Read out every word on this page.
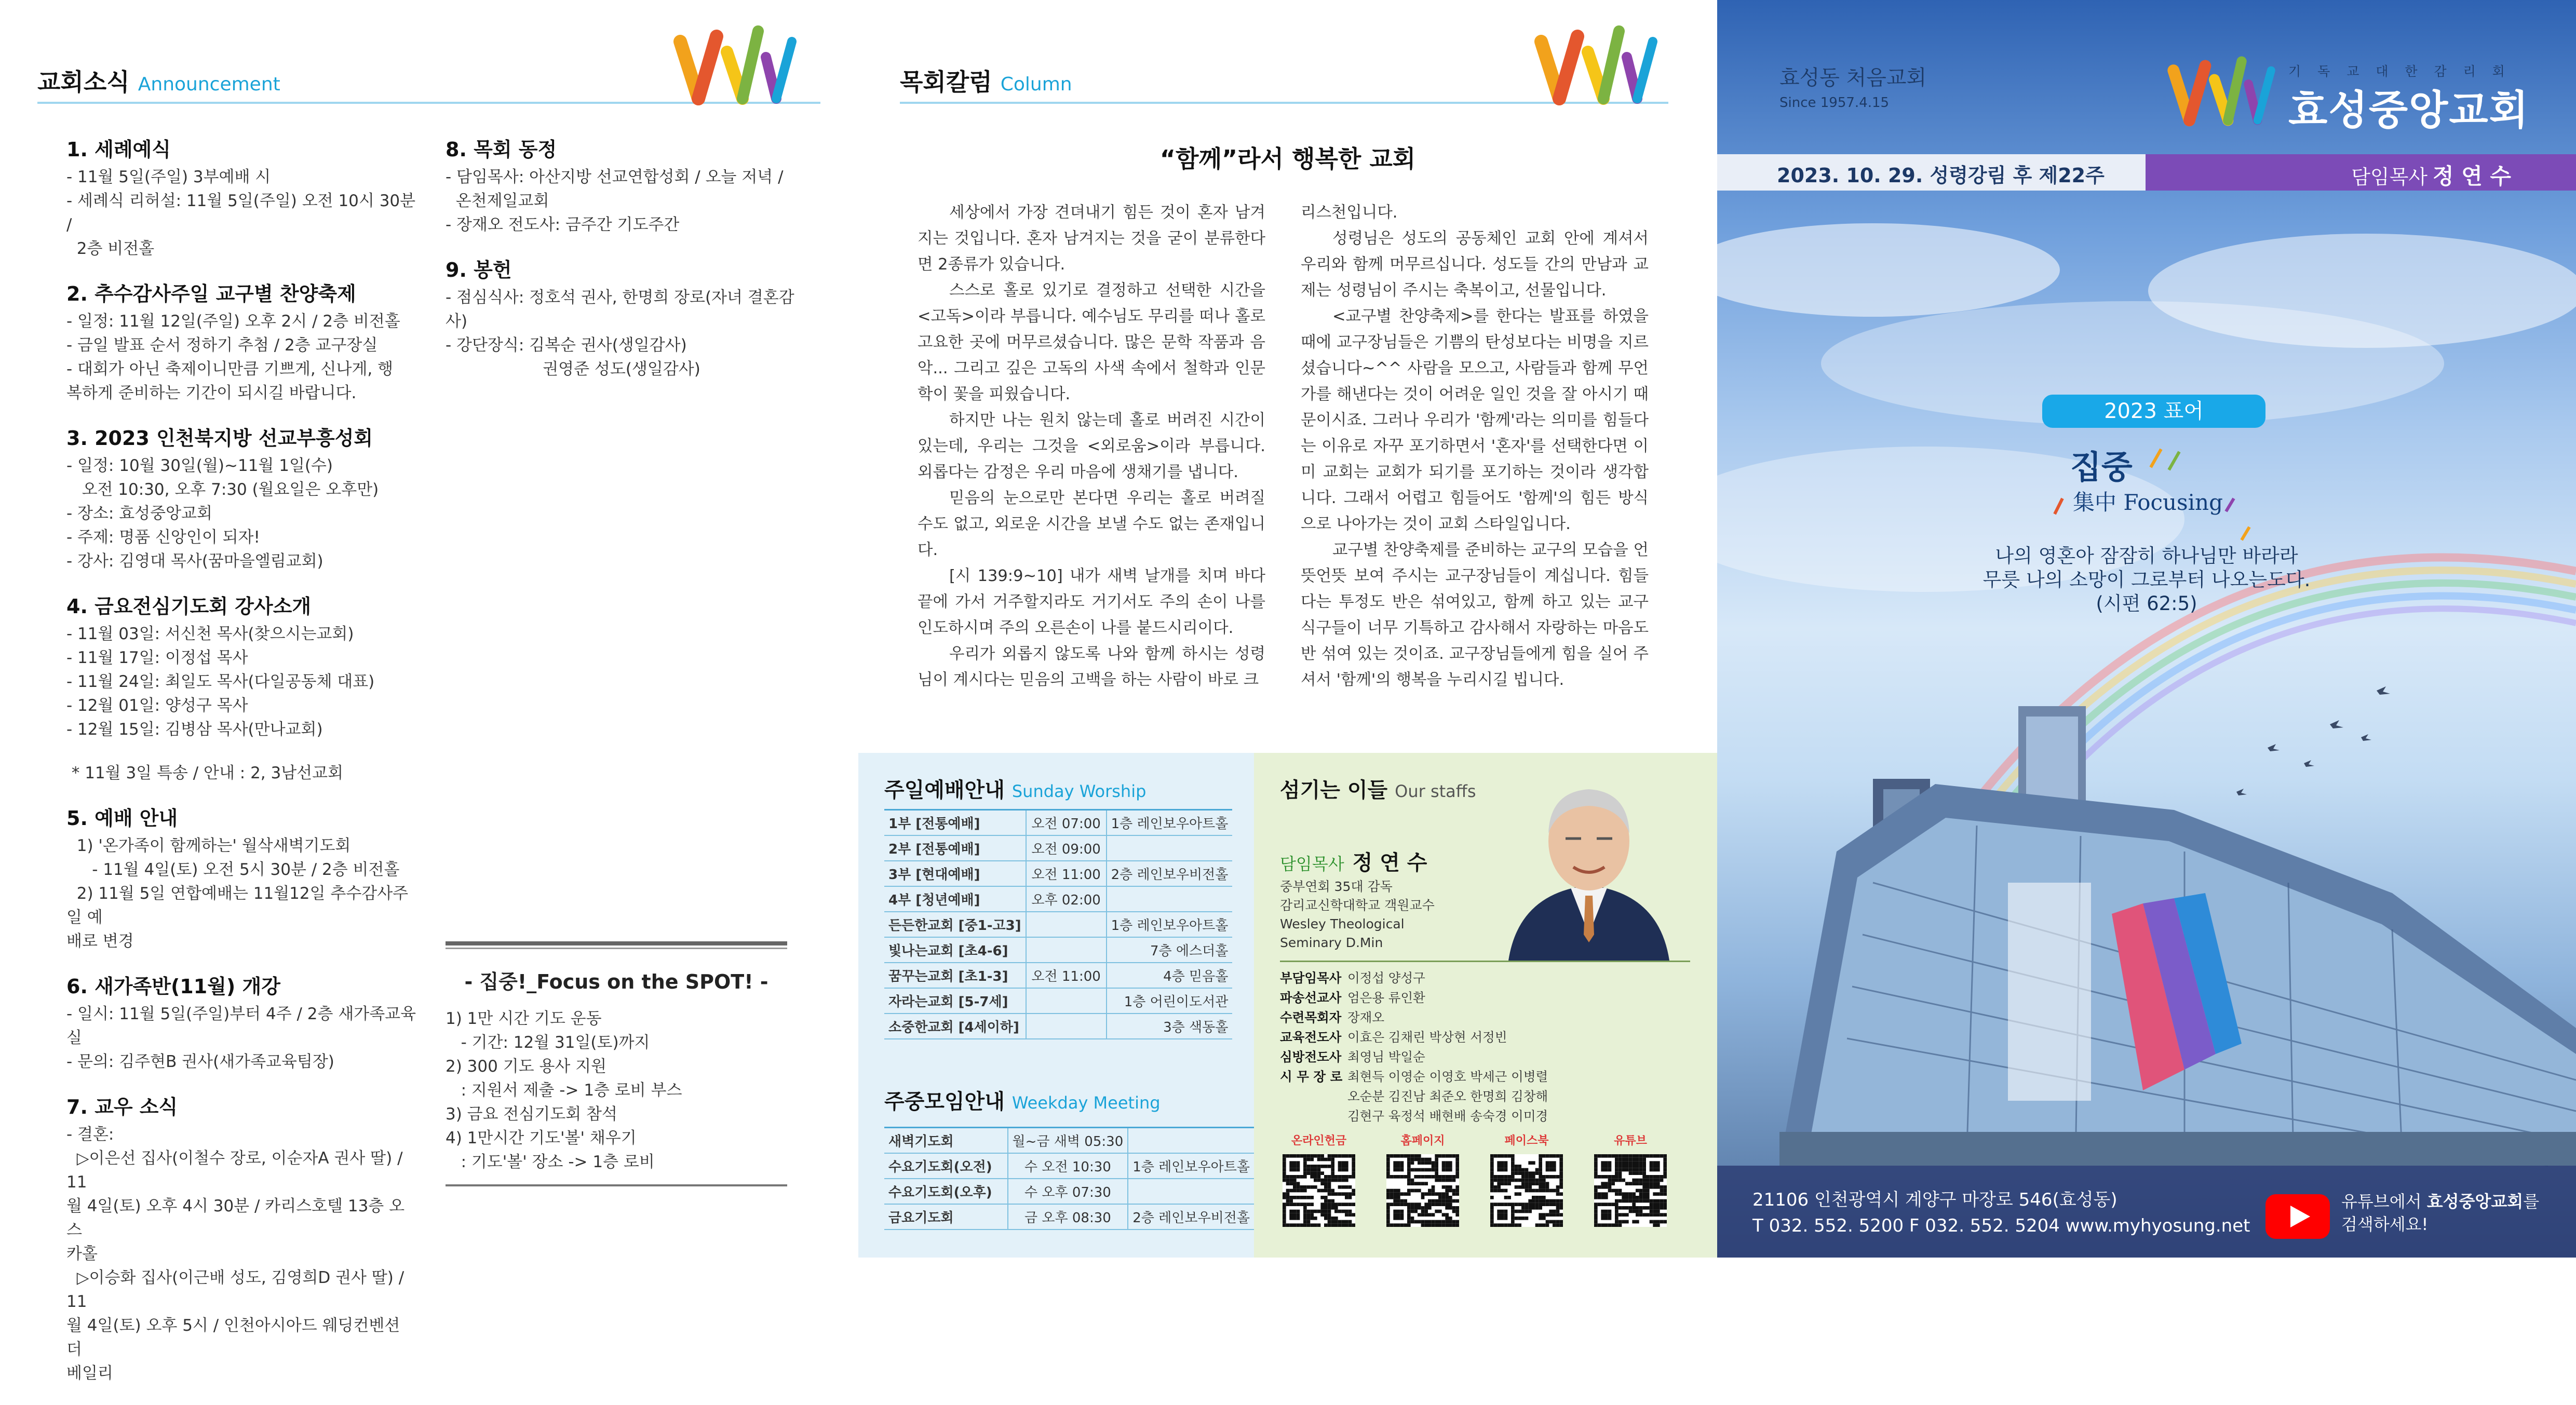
교회소식 Announcement
1. 세례예식

- 11월 5일(주일) 3부예배 시
- 세례식 리허설: 11월 5일(주일) 오전 10시 30분 /
2층 비전홀

2. 추수감사주일 교구별 찬양축제

- 일정: 11월 12일(주일) 오후 2시 / 2층 비전홀
- 금일 발표 순서 정하기 추첨 / 2층 교구장실
- 대회가 아닌 축제이니만큼 기쁘게, 신나게, 행
복하게 준비하는 기간이 되시길 바랍니다.

3. 2023 인천북지방 선교부흥성회

- 일정: 10월 30일(월)~11월 1일(수)
오전 10:30, 오후 7:30 (월요일은 오후만)
- 장소: 효성중앙교회
- 주제: 명품 신앙인이 되자!
- 강사: 김영대 목사(꿈마을엘림교회)

4. 금요전심기도회 강사소개

- 11월 03일: 서신천 목사(찾으시는교회)
- 11월 17일: 이정섭 목사
- 11월 24일: 최일도 목사(다일공동체 대표)
- 12월 01일: 양성구 목사
- 12월 15일: 김병삼 목사(만나교회)

* 11월 3일 특송 / 안내 : 2, 3남선교회

5. 예배 안내

1) '온가족이 함께하는' 월삭새벽기도회
- 11월 4일(토) 오전 5시 30분 / 2층 비전홀
2) 11월 5일 연합예배는 11월12일 추수감사주일 예
배로 변경

6. 새가족반(11월) 개강

- 일시: 11월 5일(주일)부터 4주 / 2층 새가족교육실
- 문의: 김주현B 권사(새가족교육팀장)

7. 교우 소식

- 결혼:
▷이은선 집사(이철수 장로, 이순자A 권사 딸) / 11
월 4일(토) 오후 4시 30분 / 카리스호텔 13층 오스
카홀
▷이승화 집사(이근배 성도, 김영희D 권사 딸) / 11
월 4일(토) 오후 5시 / 인천아시아드 웨딩컨벤션 더
베일리

8. 목회 동정

- 담임목사: 아산지방 선교연합성회 / 오늘 저녁 /
온천제일교회
- 장재오 전도사: 금주간 기도주간

9. 봉헌

- 점심식사: 정호석 권사, 한명희 장로(자녀 결혼감사)
- 강단장식: 김복순 권사(생일감사)
권영준 성도(생일감사)

- 집중!_Focus on the SPOT! -
1) 1만 시간 기도 운동
- 기간: 12월 31일(토)까지
2) 300 기도 용사 지원
: 지원서 제출 -> 1층 로비 부스
3) 금요 전심기도회 참석
4) 1만시간 기도'볼' 채우기
: 기도'볼' 장소 -> 1층 로비
목회칼럼 Column
“함께”라서 행복한 교회

세상에서 가장 견뎌내기 힘든 것이 혼자 남겨지는 것입니다. 혼자 남겨지는 것을 굳이 분류한다면 2종류가 있습니다.

스스로 홀로 있기로 결정하고 선택한 시간을 <고독>이라 부릅니다. 예수님도 무리를 떠나 홀로 고요한 곳에 머무르셨습니다. 많은 문학 작품과 음악... 그리고 깊은 고독의 사색 속에서 철학과 인문학이 꽃을 피웠습니다.

하지만 나는 원치 않는데 홀로 버려진 시간이 있는데, 우리는 그것을 <외로움>이라 부릅니다. 외롭다는 감정은 우리 마음에 생채기를 냅니다.

믿음의 눈으로만 본다면 우리는 홀로 버려질 수도 없고, 외로운 시간을 보낼 수도 없는 존재입니다.

[시 139:9~10] 내가 새벽 날개를 치며 바다 끝에 가서 거주할지라도 거기서도 주의 손이 나를 인도하시며 주의 오른손이 나를 붙드시리이다.

우리가 외롭지 않도록 나와 함께 하시는 성령님이 계시다는 믿음의 고백을 하는 사람이 바로 크

리스천입니다.

성령님은 성도의 공동체인 교회 안에 계셔서 우리와 함께 머무르십니다. 성도들 간의 만남과 교제는 성령님이 주시는 축복이고, 선물입니다.

<교구별 찬양축제>를 한다는 발표를 하였을 때에 교구장님들은 기쁨의 탄성보다는 비명을 지르셨습니다~^^ 사람을 모으고, 사람들과 함께 무언가를 해낸다는 것이 어려운 일인 것을 잘 아시기 때문이시죠. 그러나 우리가 '함께'라는 의미를 힘들다는 이유로 자꾸 포기하면서 '혼자'를 선택한다면 이미 교회는 교회가 되기를 포기하는 것이라 생각합니다. 그래서 어렵고 힘들어도 '함께'의 힘든 방식으로 나아가는 것이 교회 스타일입니다.

교구별 찬양축제를 준비하는 교구의 모습을 언뜻언뜻 보여 주시는 교구장님들이 계십니다. 힘들다는 투정도 반은 섞여있고, 함께 하고 있는 교구 식구들이 너무 기특하고 감사해서 자랑하는 마음도 반 섞여 있는 것이죠. 교구장님들에게 힘을 실어 주셔서 '함께'의 행복을 누리시길 빕니다.

주일예배안내 Sunday Worship
1부 [전통예배]	오전 07:00	1층 레인보우아트홀
2부 [전통예배]	오전 09:00	
3부 [현대예배]	오전 11:00	2층 레인보우비전홀
4부 [청년예배]	오후 02:00	
든든한교회 [중1-고3]		1층 레인보우아트홀
빛나는교회 [초4-6]		7층 에스더홀
꿈꾸는교회 [초1-3]	오전 11:00	4층 믿음홀
자라는교회 [5-7세]		1층 어린이도서관
소중한교회 [4세이하]		3층 색동홀
주중모임안내 Weekday Meeting
새벽기도회	월~금 새벽 05:30	
수요기도회(오전)	수 오전 10:30	1층 레인보우아트홀
수요기도회(오후)	수 오후 07:30	
금요기도회	금 오후 08:30	2층 레인보우비전홀
섬기는 이들 Our staffs
담임목사 정 연 수
중부연회 35대 감독
감리교신학대학교 객원교수
Wesley Theological
Seminary D.Min
부담임목사 이정섭 양성구
파송선교사 엄은용 류인환
수련목회자 장재오
교육전도사 이효은 김채린 박상현 서정빈
심방전도사 최영님 박일순
시 무 장 로 최현득 이영순 이영호 박세근 이병렬
오순분 김진남 최준오 한명희 김창해
김현구 육정석 배현배 송숙경 이미경
온라인헌금	홈페이지	페이스북	유튜브
효성동 처음교회
Since 1957.4.15
기 독 교 대 한 감 리 회
효성중앙교회
2023. 10. 29. 성령강림 후 제22주	담임목사 정 연 수
2023 표어
집중
集中 Focusing
나의 영혼아 잠잠히 하나님만 바라라
무릇 나의 소망이 그로부터 나오는도다.
(시편 62:5)
21106 인천광역시 계양구 마장로 546(효성동)
T 032. 552. 5200 F 032. 552. 5204 www.myhyosung.net
유튜브에서 효성중앙교회를
검색하세요!
